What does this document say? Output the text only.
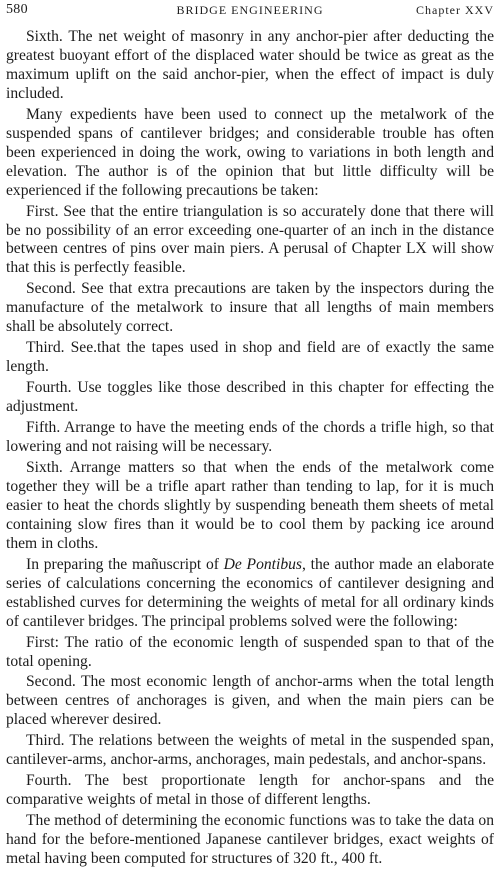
580	BRIDGE ENGINEERING	Chapter XXV

Sixth. The net weight of masonry in any anchor-pier after deducting the greatest buoyant effort of the displaced water should be twice as great as the maximum uplift on the said anchor-pier, when the effect of impact is duly included.

Many expedients have been used to connect up the metalwork of the suspended spans of cantilever bridges; and considerable trouble has often been experienced in doing the work, owing to variations in both length and elevation. The author is of the opinion that but little difficulty will be experienced if the following precautions be taken:

First. See that the entire triangulation is so accurately done that there will be no possibility of an error exceeding one-quarter of an inch in the distance between centres of pins over main piers. A perusal of Chapter LX will show that this is perfectly feasible.

Second. See that extra precautions are taken by the inspectors during the manufacture of the metalwork to insure that all lengths of main members shall be absolutely correct.

Third. See.that the tapes used in shop and field are of exactly the same length.

Fourth. Use toggles like those described in this chapter for effecting the adjustment.

Fifth. Arrange to have the meeting ends of the chords a trifle high, so that lowering and not raising will be necessary.

Sixth. Arrange matters so that when the ends of the metalwork come together they will be a trifle apart rather than tending to lap, for it is much easier to heat the chords slightly by suspending beneath them sheets of metal containing slow fires than it would be to cool them by packing ice around them in cloths.

In preparing the mañuscript of De Pontibus, the author made an elaborate series of calculations concerning the economics of cantilever designing and established curves for determining the weights of metal for all ordinary kinds of cantilever bridges. The principal problems solved were the following:

First: The ratio of the economic length of suspended span to that of the total opening.

Second. The most economic length of anchor-arms when the total length between centres of anchorages is given, and when the main piers can be placed wherever desired.

Third. The relations between the weights of metal in the suspended span, cantilever-arms, anchor-arms, anchorages, main pedestals, and anchor-spans.

Fourth. The best proportionate length for anchor-spans and the comparative weights of metal in those of different lengths.

The method of determining the economic functions was to take the data on hand for the before-mentioned Japanese cantilever bridges, exact weights of metal having been computed for structures of 320 ft., 400 ft.
